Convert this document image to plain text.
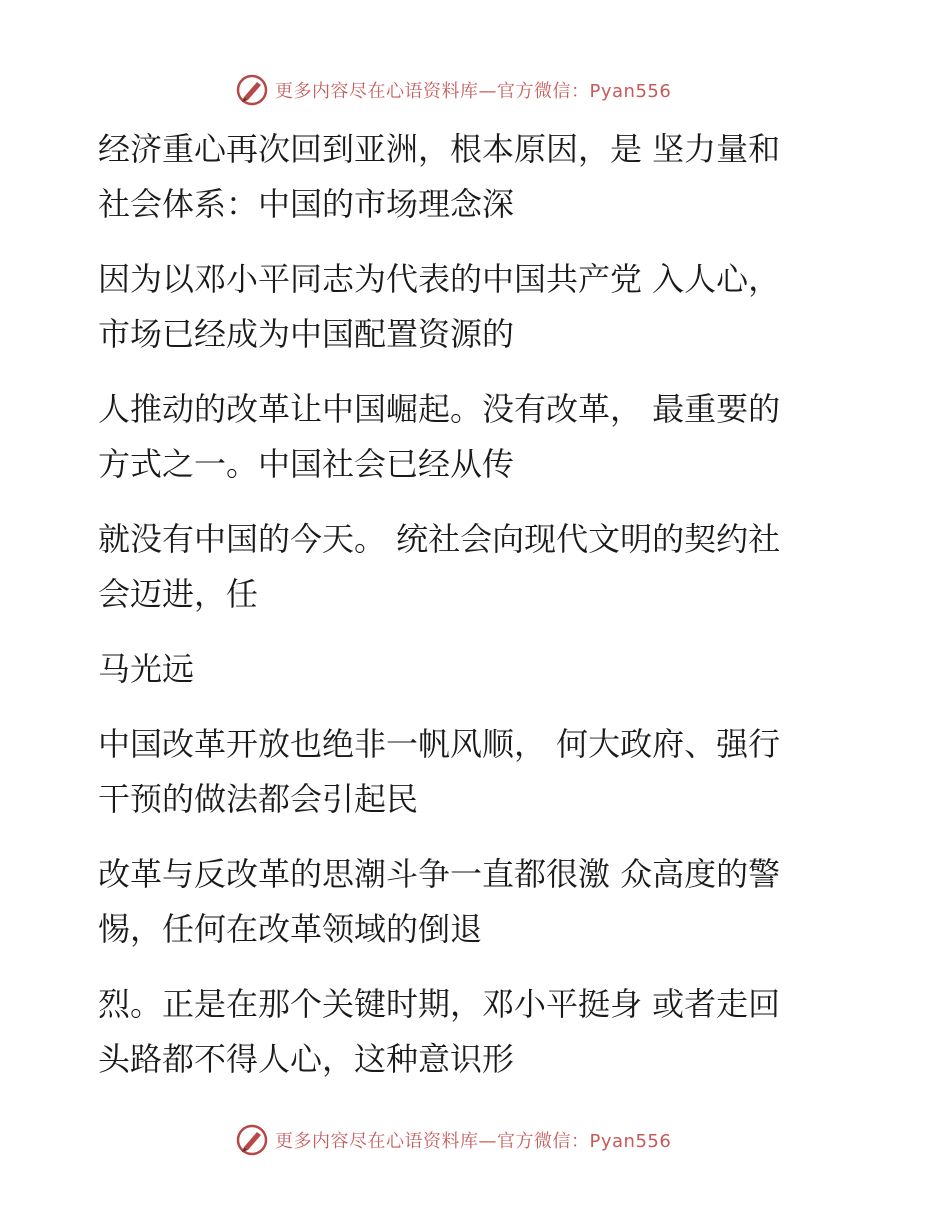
更多内容尽在心语资料库—官方微信：Pyan556

经济重心再次回到亚洲，根本原因，是 坚力量和
社会体系：中国的市场理念深

因为以邓小平同志为代表的中国共产党 入人心，
市场已经成为中国配置资源的

人推动的改革让中国崛起。没有改革， 最重要的
方式之一。中国社会已经从传

就没有中国的今天。 统社会向现代文明的契约社
会迈进，任

马光远

中国改革开放也绝非一帆风顺， 何大政府、强行
干预的做法都会引起民

改革与反改革的思潮斗争一直都很激 众高度的警
惕，任何在改革领域的倒退

烈。正是在那个关键时期，邓小平挺身 或者走回
头路都不得人心，这种意识形

更多内容尽在心语资料库—官方微信：Pyan556
